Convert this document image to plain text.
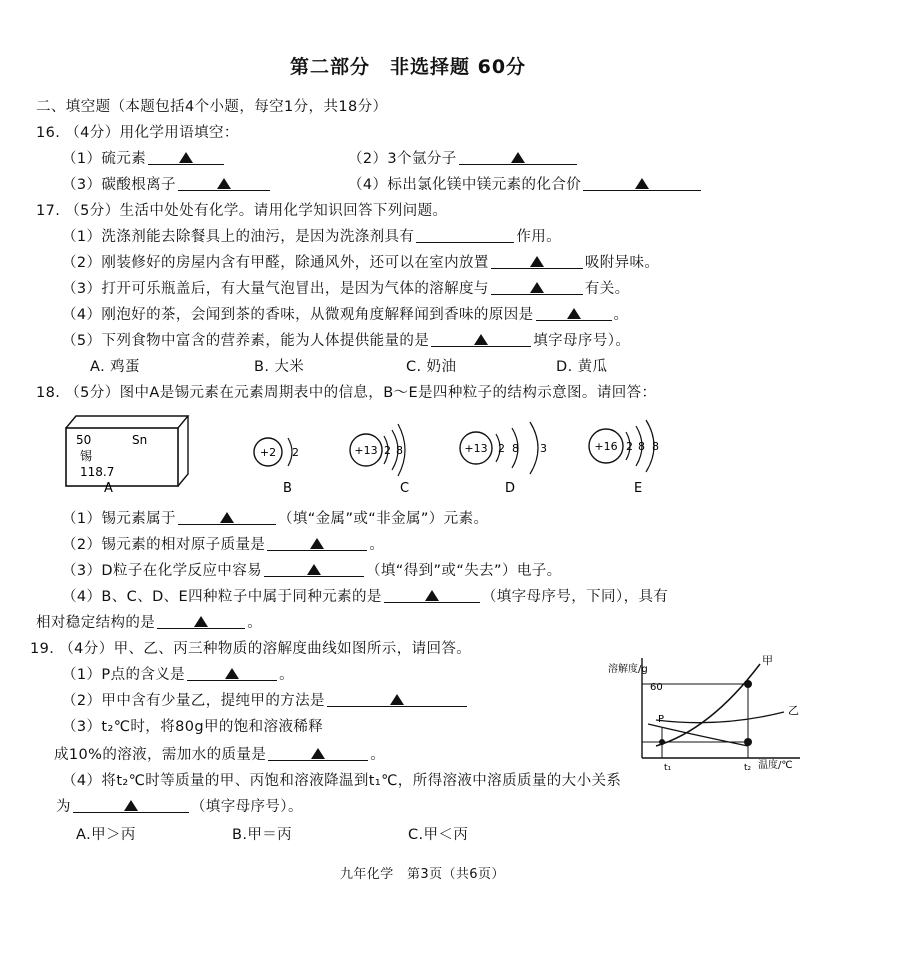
第二部分　非选择题 60分
二、填空题（本题包括4个小题，每空1分，共18分）
16. （4分）用化学用语填空：
（1）硫元素	（2）3个氩分子
（3）碳酸根离子	（4）标出氯化镁中镁元素的化合价
17. （5分）生活中处处有化学。请用化学知识回答下列问题。
（1）洗涤剂能去除餐具上的油污，是因为洗涤剂具有	作用。
（2）刚装修好的房屋内含有甲醛，除通风外，还可以在室内放置	吸附异味。
（3）打开可乐瓶盖后，有大量气泡冒出，是因为气体的溶解度与	有关。
（4）刚泡好的茶，会闻到茶的香味，从微观角度解释闻到香味的原因是	。
（5）下列食物中富含的营养素，能为人体提供能量的是	填字母序号）。
A. 鸡蛋	B. 大米	C. 奶油	D. 黄瓜
18. （5分）图中A是锡元素在元素周期表中的信息，B～E是四种粒子的结构示意图。请回答：
50	Sn
锡
118.7
A
+2 2
B
+13 2 8
C
+13 2 8 3
D
+16 2 8 8
E
（1）锡元素属于	（填“金属”或“非金属”）元素。
（2）锡元素的相对原子质量是	。
（3）D粒子在化学反应中容易	（填“得到”或“失去”）电子。
（4）B、C、D、E四种粒子中属于同种元素的是	（填字母序号，下同），具有
相对稳定结构的是	。
19. （4分）甲、乙、丙三种物质的溶解度曲线如图所示，请回答。
（1）P点的含义是	。
（2）甲中含有少量乙，提纯甲的方法是
（3）t₂℃时，将80g甲的饱和溶液稀释
成10%的溶液，需加水的质量是	。
（4）将t₂℃时等质量的甲、丙饱和溶液降温到t₁℃，所得溶液中溶质质量的大小关系
为	（填字母序号）。
A.甲＞丙	B.甲＝丙	C.甲＜丙
溶解度/g
温度/℃
60
甲
乙
P
t₁	t₂
九年化学　第3页（共6页）
